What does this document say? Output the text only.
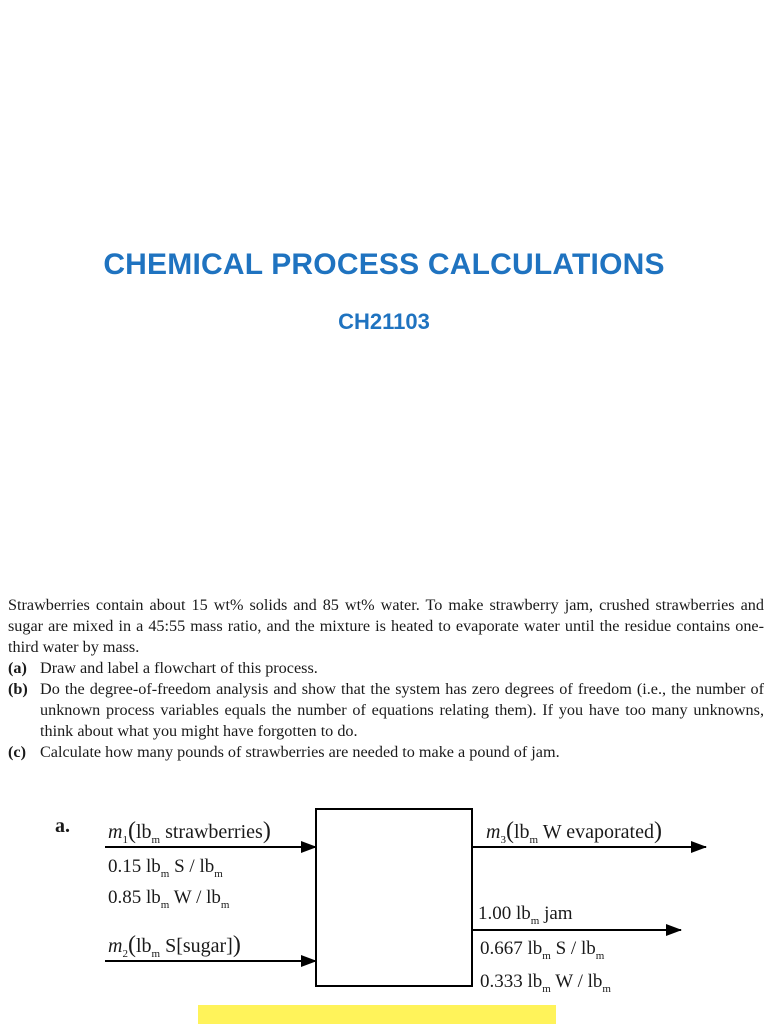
CHEMICAL PROCESS CALCULATIONS
CH21103

Strawberries contain about 15 wt% solids and 85 wt% water. To make strawberry jam, crushed strawberries and sugar are mixed in a 45:55 mass ratio, and the mixture is heated to evaporate water until the residue contains one-third water by mass.

(a) Draw and label a flowchart of this process.
(b) Do the degree-of-freedom analysis and show that the system has zero degrees of freedom (i.e., the number of unknown process variables equals the number of equations relating them). If you have too many unknowns, think about what you might have forgotten to do.
(c) Calculate how many pounds of strawberries are needed to make a pound of jam.
a. $m_1(lb_m$ strawberries)
0.15 $lb_m$ S / $lb_m$
0.85 $lb_m$ W / $lb_m$
$m_2(lb_m$ S[sugar])
$m_3(lb_m$ W evaporated)
1.00 $lb_m$ jam
0.667 $lb_m$ S / $lb_m$
0.333 $lb_m$ W / $lb_m$
